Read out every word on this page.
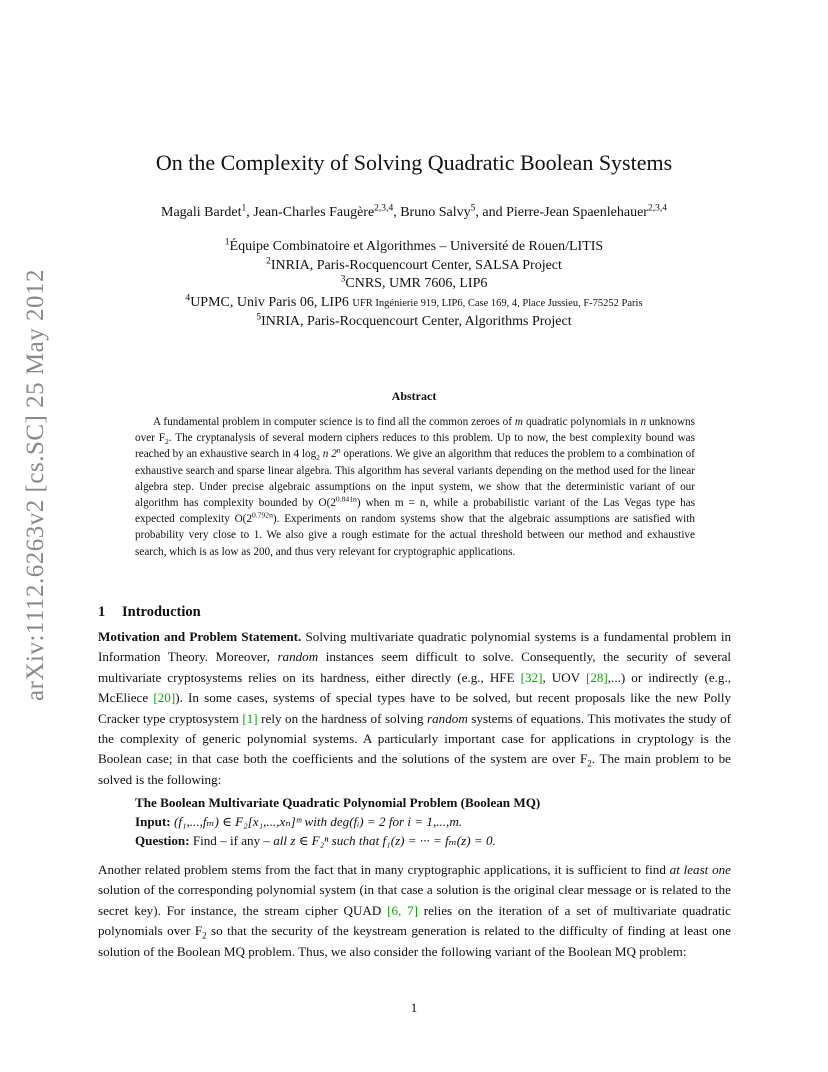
arXiv:1112.6263v2 [cs.SC] 25 May 2012
On the Complexity of Solving Quadratic Boolean Systems
Magali Bardet$^1$, Jean-Charles Faugère$^{2,3,4}$, Bruno Salvy$^5$, and Pierre-Jean Spaenlehauer$^{2,3,4}$
$^1$Équipe Combinatoire et Algorithmes – Université de Rouen/LITIS
$^2$INRIA, Paris-Rocquencourt Center, SALSA Project
$^3$CNRS, UMR 7606, LIP6
$^4$UPMC, Univ Paris 06, LIP6 UFR Ingénierie 919, LIP6, Case 169, 4, Place Jussieu, F-75252 Paris
$^5$INRIA, Paris-Rocquencourt Center, Algorithms Project
Abstract
A fundamental problem in computer science is to find all the common zeroes of m quadratic polynomials in n unknowns over $F_2$. The cryptanalysis of several modern ciphers reduces to this problem. Up to now, the best complexity bound was reached by an exhaustive search in 4 $\log_2 n$ 2$^n$ operations. We give an algorithm that reduces the problem to a combination of exhaustive search and sparse linear algebra. This algorithm has several variants depending on the method used for the linear algebra step. Under precise algebraic assumptions on the input system, we show that the deterministic variant of our algorithm has complexity bounded by $O(2^{0.841n})$ when m = n, while a probabilistic variant of the Las Vegas type has expected complexity $O(2^{0.792n})$. Experiments on random systems show that the algebraic assumptions are satisfied with probability very close to 1. We also give a rough estimate for the actual threshold between our method and exhaustive search, which is as low as 200, and thus very relevant for cryptographic applications.
1 Introduction
Motivation and Problem Statement. Solving multivariate quadratic polynomial systems is a fundamental problem in Information Theory. Moreover, random instances seem difficult to solve. Consequently, the security of several multivariate cryptosystems relies on its hardness, either directly (e.g., HFE [32], UOV [28],...) or indirectly (e.g., McEliece [20]). In some cases, systems of special types have to be solved, but recent proposals like the new Polly Cracker type cryptosystem [1] rely on the hardness of solving random systems of equations. This motivates the study of the complexity of generic polynomial systems. A particularly important case for applications in cryptology is the Boolean case; in that case both the coefficients and the solutions of the system are over $F_2$. The main problem to be solved is the following:
The Boolean Multivariate Quadratic Polynomial Problem (Boolean MQ)
Input: (f₁,...,fₘ) ∈ F₂[x₁,...,xₙ]ᵐ with deg(fᵢ) = 2 for i = 1,...,m.
Question: Find – if any – all z ∈ F₂ⁿ such that f₁(z) = ··· = fₘ(z) = 0.
Another related problem stems from the fact that in many cryptographic applications, it is sufficient to find at least one solution of the corresponding polynomial system (in that case a solution is the original clear message or is related to the secret key). For instance, the stream cipher QUAD [6, 7] relies on the iteration of a set of multivariate quadratic polynomials over $F_2$ so that the security of the keystream generation is related to the difficulty of finding at least one solution of the Boolean MQ problem. Thus, we also consider the following variant of the Boolean MQ problem:
1
